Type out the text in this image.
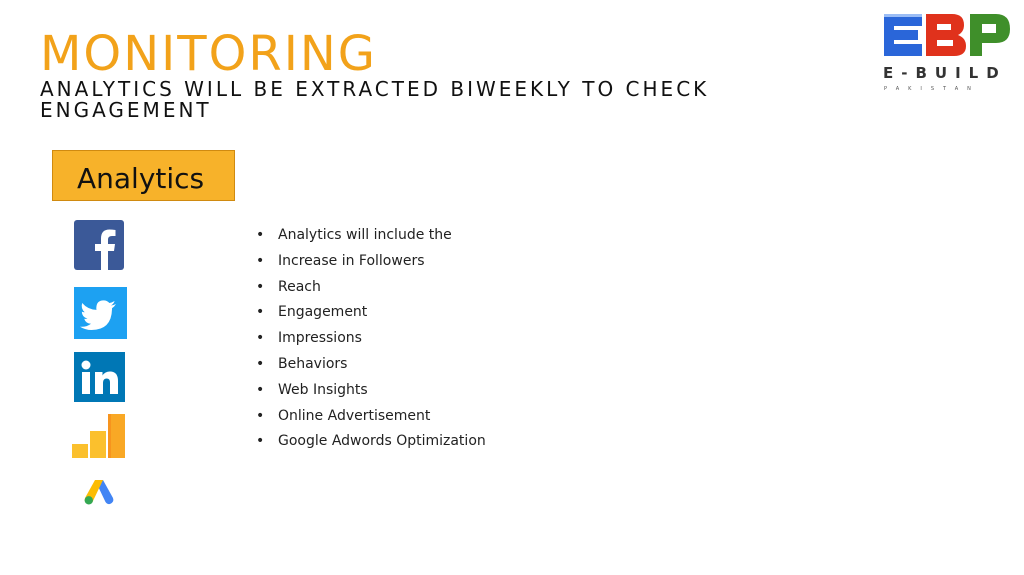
MONITORING
ANALYTICS WILL BE EXTRACTED BIWEEKLY TO CHECK ENGAGEMENT
E-BUILD
PAKISTAN
Analytics
• Analytics will include the
• Increase in Followers
• Reach
• Engagement
• Impressions
• Behaviors
• Web Insights
• Online Advertisement
• Google Adwords Optimization
